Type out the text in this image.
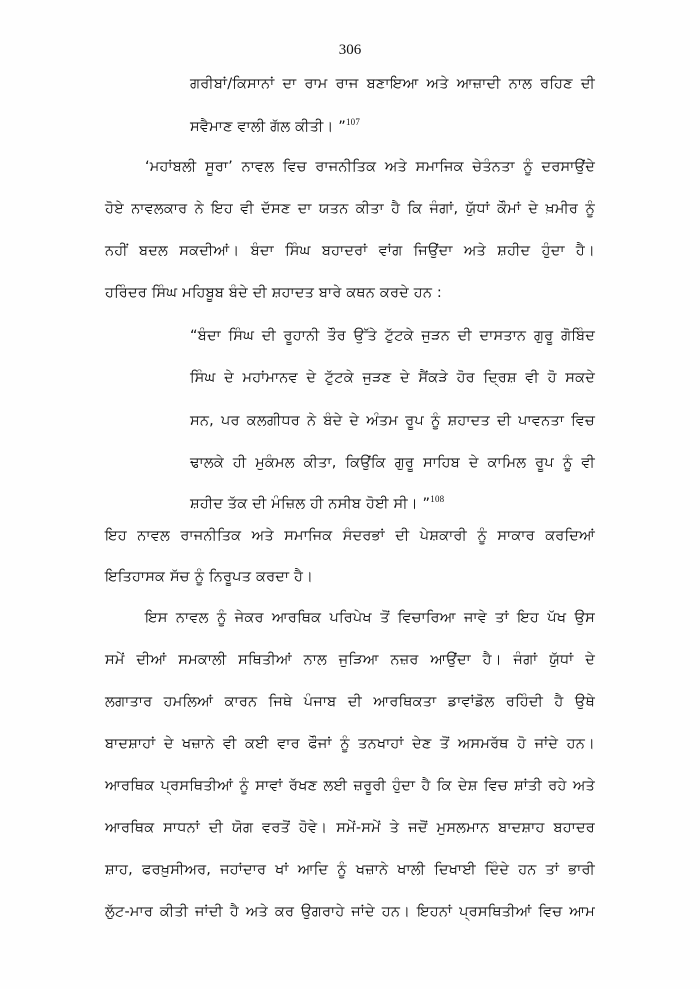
306
ਗਰੀਬਾਂ/ਕਿਸਾਨਾਂ ਦਾ ਰਾਮ ਰਾਜ ਬਣਾਇਆ ਅਤੇ ਆਜ਼ਾਦੀ ਨਾਲ ਰਹਿਣ ਦੀ
ਸਵੈਮਾਣ ਵਾਲੀ ਗੱਲ ਕੀਤੀ। ”$^{107}$
‘ਮਹਾਂਬਲੀ ਸੂਰਾ’ ਨਾਵਲ ਵਿਚ ਰਾਜਨੀਤਿਕ ਅਤੇ ਸਮਾਜਿਕ ਚੇਤੰਨਤਾ ਨੂੰ ਦਰਸਾਉਂਦੇ
ਹੋਏ ਨਾਵਲਕਾਰ ਨੇ ਇਹ ਵੀ ਦੱਸਣ ਦਾ ਯਤਨ ਕੀਤਾ ਹੈ ਕਿ ਜੰਗਾਂ, ਯੁੱਧਾਂ ਕੌਮਾਂ ਦੇ ਖ਼ਮੀਰ ਨੂੰ
ਨਹੀਂ ਬਦਲ ਸਕਦੀਆਂ। ਬੰਦਾ ਸਿੰਘ ਬਹਾਦਰਾਂ ਵਾਂਗ ਜਿਉਂਦਾ ਅਤੇ ਸ਼ਹੀਦ ਹੁੰਦਾ ਹੈ।
ਹਰਿੰਦਰ ਸਿੰਘ ਮਹਿਬੂਬ ਬੰਦੇ ਦੀ ਸ਼ਹਾਦਤ ਬਾਰੇ ਕਥਨ ਕਰਦੇ ਹਨ :
“ਬੰਦਾ ਸਿੰਘ ਦੀ ਰੂਹਾਨੀ ਤੌਰ ਉੱਤੇ ਟੁੱਟਕੇ ਜੁੜਨ ਦੀ ਦਾਸਤਾਨ ਗੁਰੂ ਗੋਬਿੰਦ
ਸਿੰਘ ਦੇ ਮਹਾਂਮਾਨਵ ਦੇ ਟੁੱਟਕੇ ਜੁੜਣ ਦੇ ਸੈਂਕੜੇ ਹੋਰ ਦ੍ਰਿਸ਼ ਵੀ ਹੋ ਸਕਦੇ
ਸਨ, ਪਰ ਕਲਗੀਧਰ ਨੇ ਬੰਦੇ ਦੇ ਅੰਤਮ ਰੂਪ ਨੂੰ ਸ਼ਹਾਦਤ ਦੀ ਪਾਵਨਤਾ ਵਿਚ
ਢਾਲਕੇ ਹੀ ਮੁਕੰਮਲ ਕੀਤਾ, ਕਿਉਂਕਿ ਗੁਰੂ ਸਾਹਿਬ ਦੇ ਕਾਮਿਲ ਰੂਪ ਨੂੰ ਵੀ
ਸ਼ਹੀਦ ਤੱਕ ਦੀ ਮੰਜ਼ਿਲ ਹੀ ਨਸੀਬ ਹੋਈ ਸੀ। ”$^{108}$
ਇਹ ਨਾਵਲ ਰਾਜਨੀਤਿਕ ਅਤੇ ਸਮਾਜਿਕ ਸੰਦਰਭਾਂ ਦੀ ਪੇਸ਼ਕਾਰੀ ਨੂੰ ਸਾਕਾਰ ਕਰਦਿਆਂ
ਇਤਿਹਾਸਕ ਸੱਚ ਨੂੰ ਨਿਰੂਪਤ ਕਰਦਾ ਹੈ।
ਇਸ ਨਾਵਲ ਨੂੰ ਜੇਕਰ ਆਰਥਿਕ ਪਰਿਪੇਖ ਤੋਂ ਵਿਚਾਰਿਆ ਜਾਵੇ ਤਾਂ ਇਹ ਪੱਖ ਉਸ
ਸਮੇਂ ਦੀਆਂ ਸਮਕਾਲੀ ਸਥਿਤੀਆਂ ਨਾਲ ਜੁੜਿਆ ਨਜ਼ਰ ਆਉਂਦਾ ਹੈ। ਜੰਗਾਂ ਯੁੱਧਾਂ ਦੇ
ਲਗਾਤਾਰ ਹਮਲਿਆਂ ਕਾਰਨ ਜਿਥੇ ਪੰਜਾਬ ਦੀ ਆਰਥਿਕਤਾ ਡਾਵਾਂਡੋਲ ਰਹਿੰਦੀ ਹੈ ਉਥੇ
ਬਾਦਸ਼ਾਹਾਂ ਦੇ ਖਜ਼ਾਨੇ ਵੀ ਕਈ ਵਾਰ ਫੌਜਾਂ ਨੂੰ ਤਨਖਾਹਾਂ ਦੇਣ ਤੋਂ ਅਸਮਰੱਥ ਹੋ ਜਾਂਦੇ ਹਨ।
ਆਰਥਿਕ ਪ੍ਰਸਥਿਤੀਆਂ ਨੂੰ ਸਾਵਾਂ ਰੱਖਣ ਲਈ ਜ਼ਰੂਰੀ ਹੁੰਦਾ ਹੈ ਕਿ ਦੇਸ਼ ਵਿਚ ਸ਼ਾਂਤੀ ਰਹੇ ਅਤੇ
ਆਰਥਿਕ ਸਾਧਨਾਂ ਦੀ ਯੋਗ ਵਰਤੋਂ ਹੋਵੇ। ਸਮੇਂ-ਸਮੇਂ ਤੇ ਜਦੋਂ ਮੁਸਲਮਾਨ ਬਾਦਸ਼ਾਹ ਬਹਾਦਰ
ਸ਼ਾਹ, ਫਰਖ਼ੁਸੀਅਰ, ਜਹਾਂਦਾਰ ਖਾਂ ਆਦਿ ਨੂੰ ਖਜ਼ਾਨੇ ਖਾਲੀ ਦਿਖਾਈ ਦਿੰਦੇ ਹਨ ਤਾਂ ਭਾਰੀ
ਲੁੱਟ-ਮਾਰ ਕੀਤੀ ਜਾਂਦੀ ਹੈ ਅਤੇ ਕਰ ਉਗਰਾਹੇ ਜਾਂਦੇ ਹਨ। ਇਹਨਾਂ ਪ੍ਰਸਥਿਤੀਆਂ ਵਿਚ ਆਮ
